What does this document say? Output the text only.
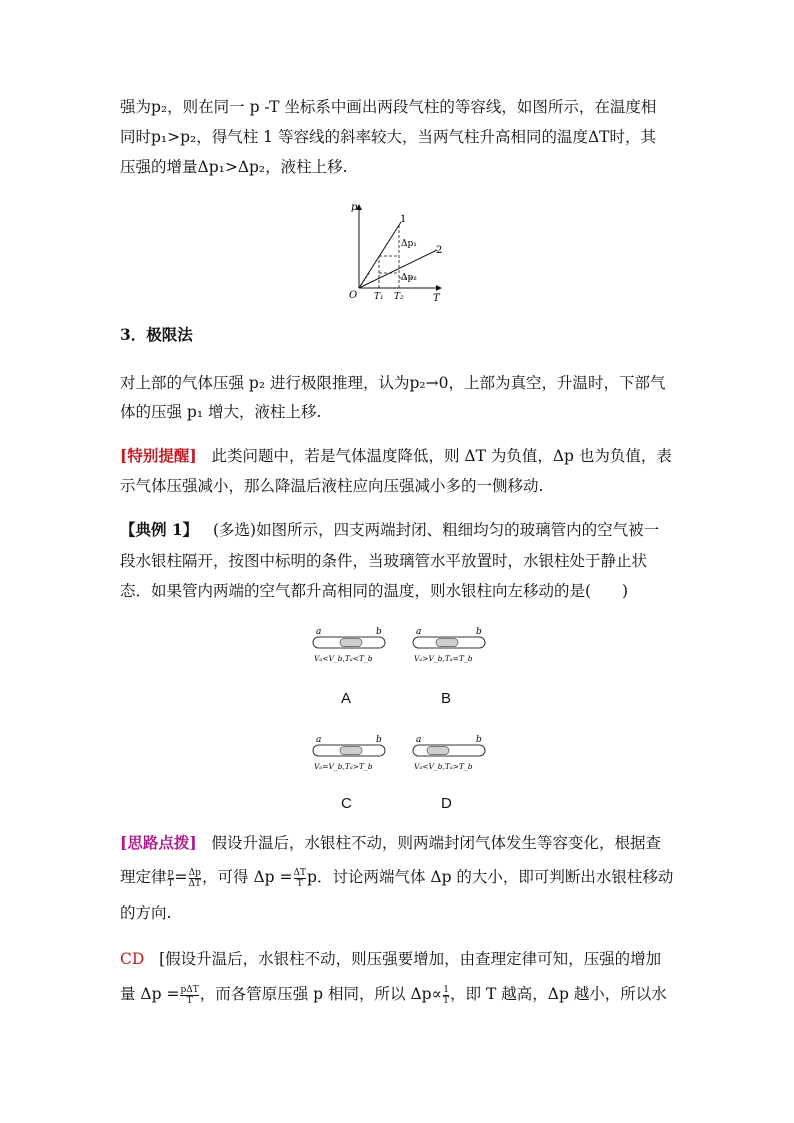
强为p₂，则在同一 p -T 坐标系中画出两段气柱的等容线，如图所示，在温度相
同时p₁>p₂，得气柱 1 等容线的斜率较大，当两气柱升高相同的温度ΔT时，其
压强的增量Δp₁>Δp₂，液柱上移.
p
T
O
1
2
Δp₁
Δp₂
T₁ T₂
3．极限法
对上部的气体压强 p₂ 进行极限推理，认为p₂→0，上部为真空，升温时，下部气
体的压强 p₁ 增大，液柱上移.
[特别提醒] 此类问题中，若是气体温度降低，则 ΔT 为负值，Δp 也为负值，表
示气体压强减小，那么降温后液柱应向压强减小多的一侧移动.
【典例 1】 (多选)如图所示，四支两端封闭、粗细均匀的玻璃管内的空气被一
段水银柱隔开，按图中标明的条件，当玻璃管水平放置时，水银柱处于静止状
态．如果管内两端的空气都升高相同的温度，则水银柱向左移动的是(　　)
a	b
Vₐ<V_b,Tₐ<T_b
A
a	b
Vₐ>V_b,Tₐ=T_b
B
a	b
Vₐ=V_b,Tₐ>T_b
C
a	b
Vₐ<V_b,Tₐ>T_b
D
[思路点拨] 假设升温后，水银柱不动，则两端封闭气体发生等容变化，根据查
理定律 $\frac{p}{T} = \frac{\Delta p}{\Delta T}$ ，可得 $\Delta p = \frac{\Delta T}{T}$ p．讨论两端气体 Δp 的大小，即可判断出水银柱移动
的方向.
CD [假设升温后，水银柱不动，则压强要增加，由查理定律可知，压强的增加
量 $\Delta p = \frac{\text{pΔT}}{T}$ ，而各管原压强 p 相同，所以 $\Delta p\propto \frac{1}{T}$ ，即 T 越高，Δp 越小，所以水
